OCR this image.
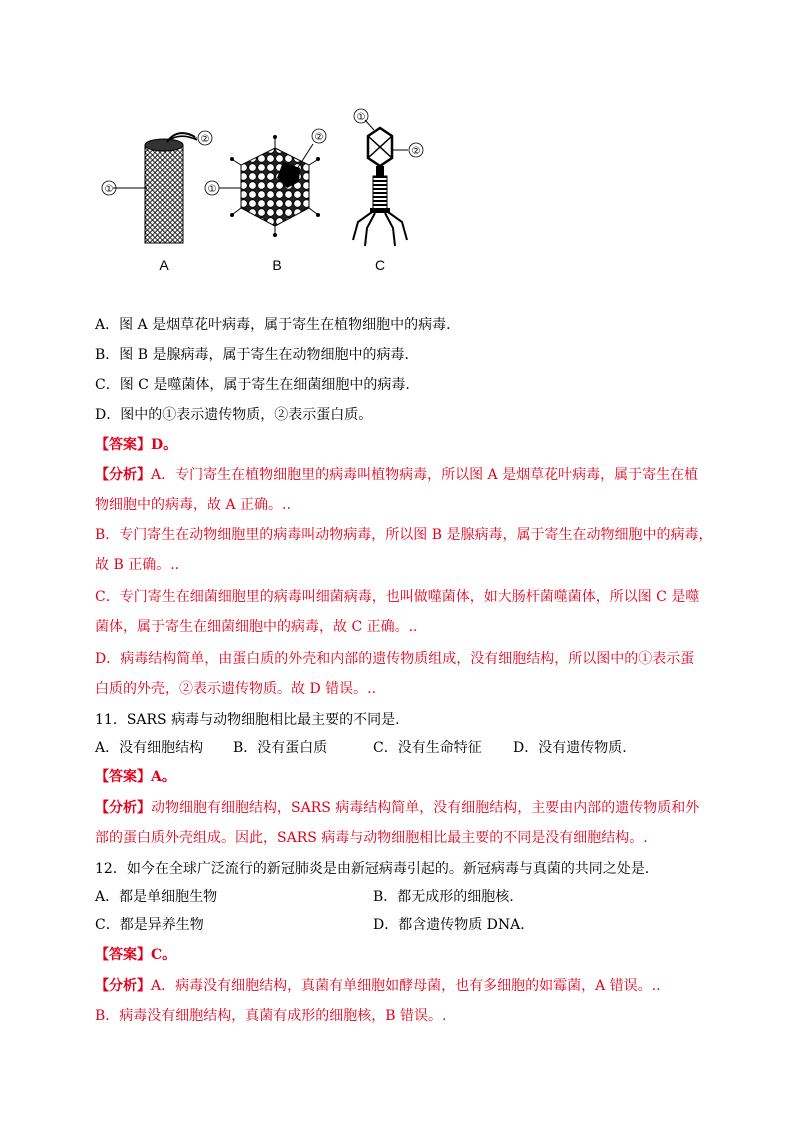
②
①
A
②
①
B
①
②
C
A．图 A 是烟草花叶病毒，属于寄生在植物细胞中的病毒.
B．图 B 是腺病毒，属于寄生在动物细胞中的病毒.
C．图 C 是噬菌体，属于寄生在细菌细胞中的病毒.
D．图中的①表示遗传物质，②表示蛋白质。
【答案】D。
【分析】A．专门寄生在植物细胞里的病毒叫植物病毒，所以图 A 是烟草花叶病毒，属于寄生在植
物细胞中的病毒，故 A 正确。..
B．专门寄生在动物细胞里的病毒叫动物病毒，所以图 B 是腺病毒，属于寄生在动物细胞中的病毒，
故 B 正确。..
C．专门寄生在细菌细胞里的病毒叫细菌病毒，也叫做噬菌体，如大肠杆菌噬菌体，所以图 C 是噬
菌体，属于寄生在细菌细胞中的病毒，故 C 正确。..
D．病毒结构简单，由蛋白质的外壳和内部的遗传物质组成，没有细胞结构，所以图中的①表示蛋
白质的外壳，②表示遗传物质。故 D 错误。..
11．SARS 病毒与动物细胞相比最主要的不同是.
A．没有细胞结构 B．没有蛋白质	C．没有生命特征 D．没有遗传物质.
【答案】A。
【分析】动物细胞有细胞结构，SARS 病毒结构简单，没有细胞结构，主要由内部的遗传物质和外
部的蛋白质外壳组成。因此，SARS 病毒与动物细胞相比最主要的不同是没有细胞结构。.
12．如今在全球广泛流行的新冠肺炎是由新冠病毒引起的。新冠病毒与真菌的共同之处是.
A．都是单细胞生物	B．都无成形的细胞核.
C．都是异养生物	D．都含遗传物质 DNA.
【答案】C。
【分析】A．病毒没有细胞结构，真菌有单细胞如酵母菌，也有多细胞的如霉菌，A 错误。..
B．病毒没有细胞结构，真菌有成形的细胞核，B 错误。.
